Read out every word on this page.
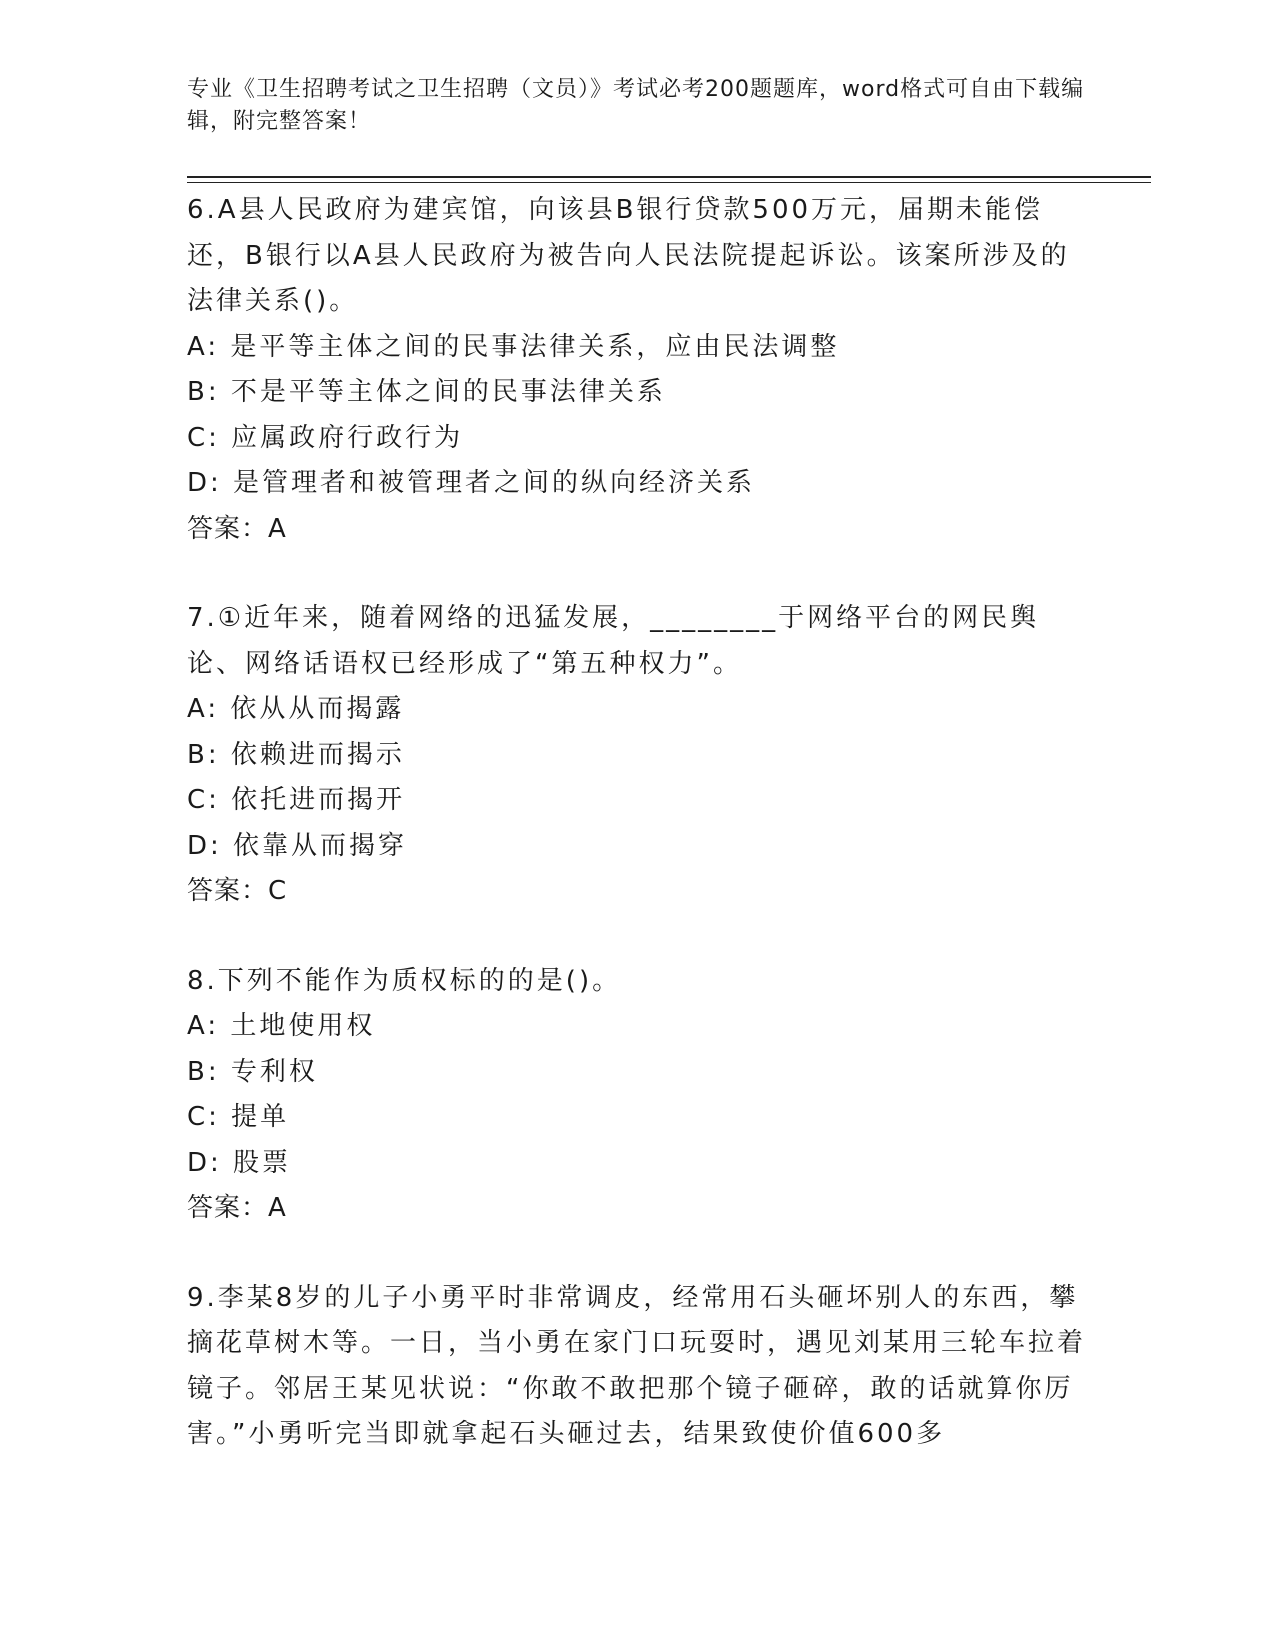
专业《卫生招聘考试之卫生招聘（文员）》考试必考200题题库，word格式可自由下载编辑，附完整答案！

6.A县人民政府为建宾馆，向该县B银行贷款500万元，届期未能偿还，B银行以A县人民政府为被告向人民法院提起诉讼。该案所涉及的法律关系()。

A: 是平等主体之间的民事法律关系，应由民法调整

B: 不是平等主体之间的民事法律关系

C: 应属政府行政行为

D: 是管理者和被管理者之间的纵向经济关系

答案：A

7.①近年来，随着网络的迅猛发展，________于网络平台的网民舆论、网络话语权已经形成了“第五种权力”。

A: 依从从而揭露

B: 依赖进而揭示

C: 依托进而揭开

D: 依靠从而揭穿

答案：C

8.下列不能作为质权标的的是()。

A: 土地使用权

B: 专利权

C: 提单

D: 股票

答案：A

9.李某8岁的儿子小勇平时非常调皮，经常用石头砸坏别人的东西，攀摘花草树木等。一日，当小勇在家门口玩耍时，遇见刘某用三轮车拉着镜子。邻居王某见状说：“你敢不敢把那个镜子砸碎，敢的话就算你厉害。”小勇听完当即就拿起石头砸过去，结果致使价值600多
